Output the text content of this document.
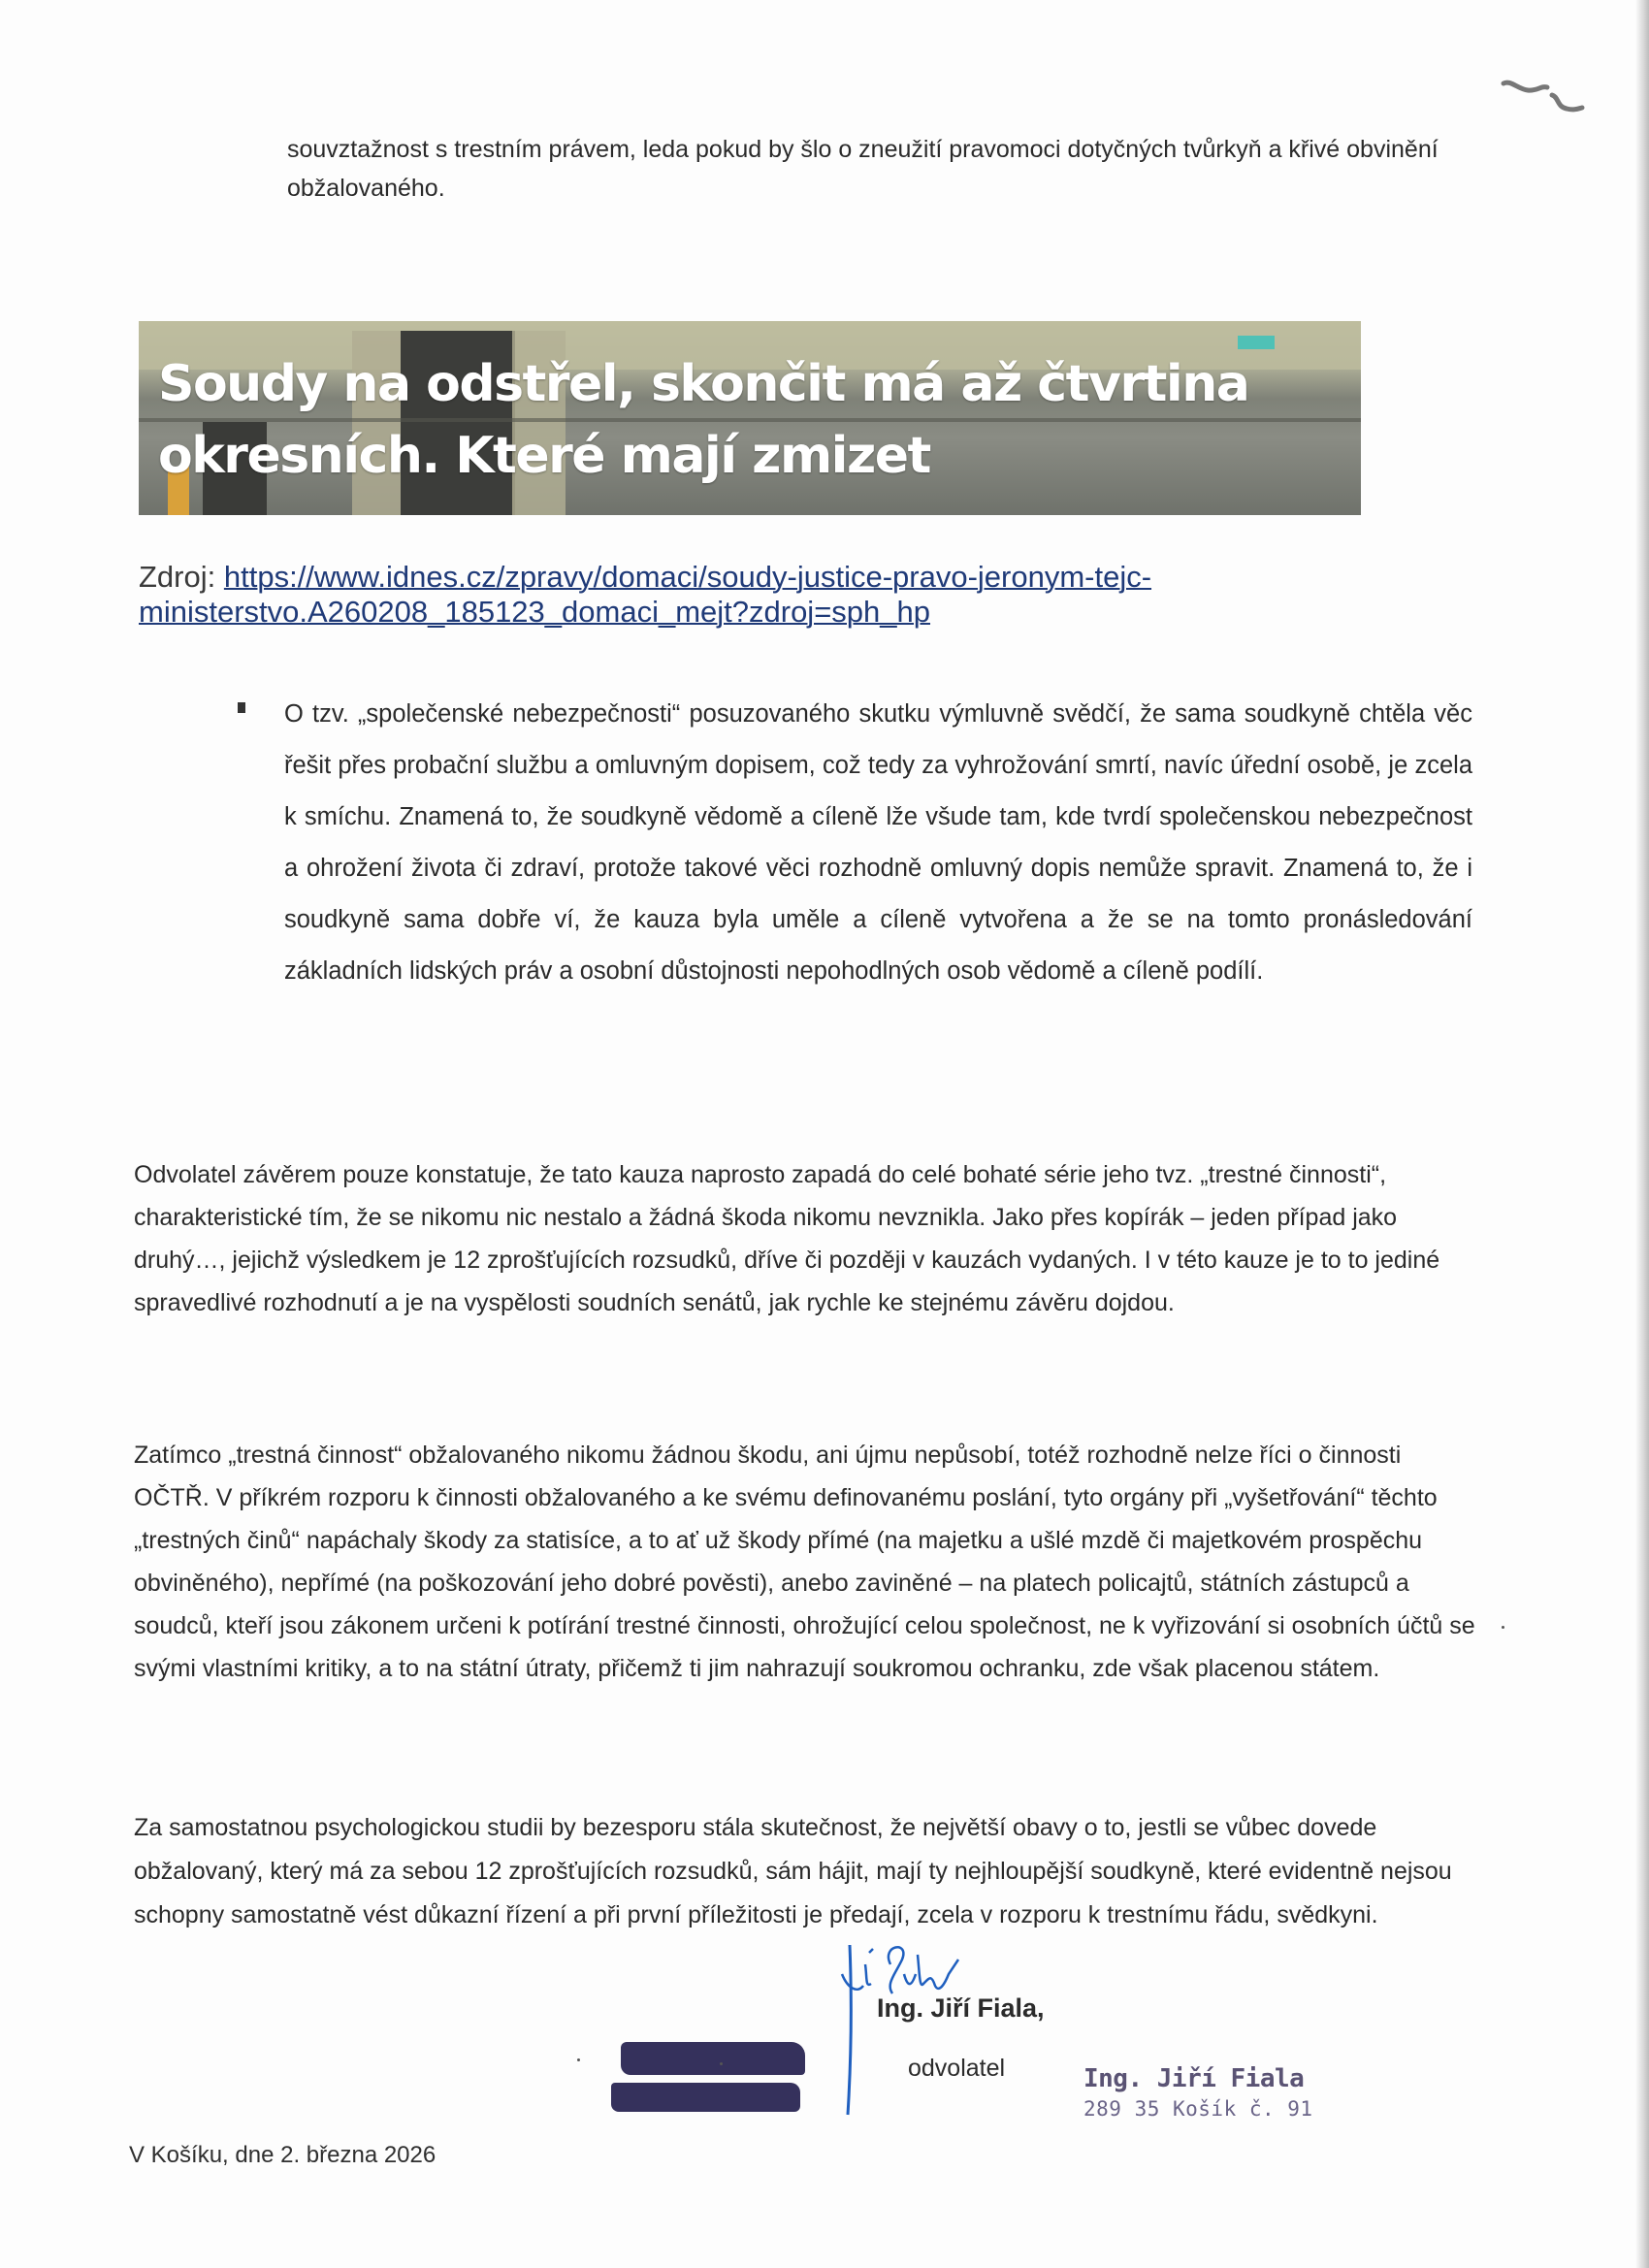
souvztažnost s trestním právem, leda pokud by šlo o zneužití pravomoci dotyčných tvůrkyň a křivé obvinění obžalovaného.
Soudy na odstřel, skončit má až čtvrtina
okresních. Které mají zmizet
Zdroj: https://www.idnes.cz/zpravy/domaci/soudy-justice-pravo-jeronym-tejc-ministerstvo.A260208_185123_domaci_mejt?zdroj=sph_hp
O tzv. „společenské nebezpečnosti“ posuzovaného skutku výmluvně svědčí, že sama soudkyně chtěla věc řešit přes probační službu a omluvným dopisem, což tedy za vyhrožování smrtí, navíc úřední osobě, je zcela k smíchu. Znamená to, že soudkyně vědomě a cíleně lže všude tam, kde tvrdí společenskou nebezpečnost a ohrožení života či zdraví, protože takové věci rozhodně omluvný dopis nemůže spravit. Znamená to, že i soudkyně sama dobře ví, že kauza byla uměle a cíleně vytvořena a že se na tomto pronásledování základních lidských práv a osobní důstojnosti nepohodlných osob vědomě a cíleně podílí.
Odvolatel závěrem pouze konstatuje, že tato kauza naprosto zapadá do celé bohaté série jeho tvz. „trestné činnosti“, charakteristické tím, že se nikomu nic nestalo a žádná škoda nikomu nevznikla. Jako přes kopírák – jeden případ jako druhý…, jejichž výsledkem je 12 zprošťujících rozsudků, dříve či později v kauzách vydaných. I v této kauze je to to jediné spravedlivé rozhodnutí a je na vyspělosti soudních senátů, jak rychle ke stejnému závěru dojdou.
Zatímco „trestná činnost“ obžalovaného nikomu žádnou škodu, ani újmu nepůsobí, totéž rozhodně nelze říci o činnosti OČTŘ. V příkrém rozporu k činnosti obžalovaného a ke svému definovanému poslání, tyto orgány při „vyšetřování“ těchto „trestných činů“ napáchaly škody za statisíce, a to ať už škody přímé (na majetku a ušlé mzdě či majetkovém prospěchu obviněného), nepřímé (na poškozování jeho dobré pověsti), anebo zaviněné – na platech policajtů, státních zástupců a soudců, kteří jsou zákonem určeni k potírání trestné činnosti, ohrožující celou společnost, ne k vyřizování si osobních účtů se svými vlastními kritiky, a to na státní útraty, přičemž ti jim nahrazují soukromou ochranku, zde však placenou státem.
Za samostatnou psychologickou studii by bezesporu stála skutečnost, že největší obavy o to, jestli se vůbec dovede obžalovaný, který má za sebou 12 zprošťujících rozsudků, sám hájit, mají ty nejhloupější soudkyně, které evidentně nejsou schopny samostatně vést důkazní řízení a při první příležitosti je předají, zcela v rozporu k trestnímu řádu, svědkyni.
Ing. Jiří Fiala,
odvolatel	Ing. Jiří Fiala
289 35 Košík č. 91
V Košíku, dne 2. března 2026
